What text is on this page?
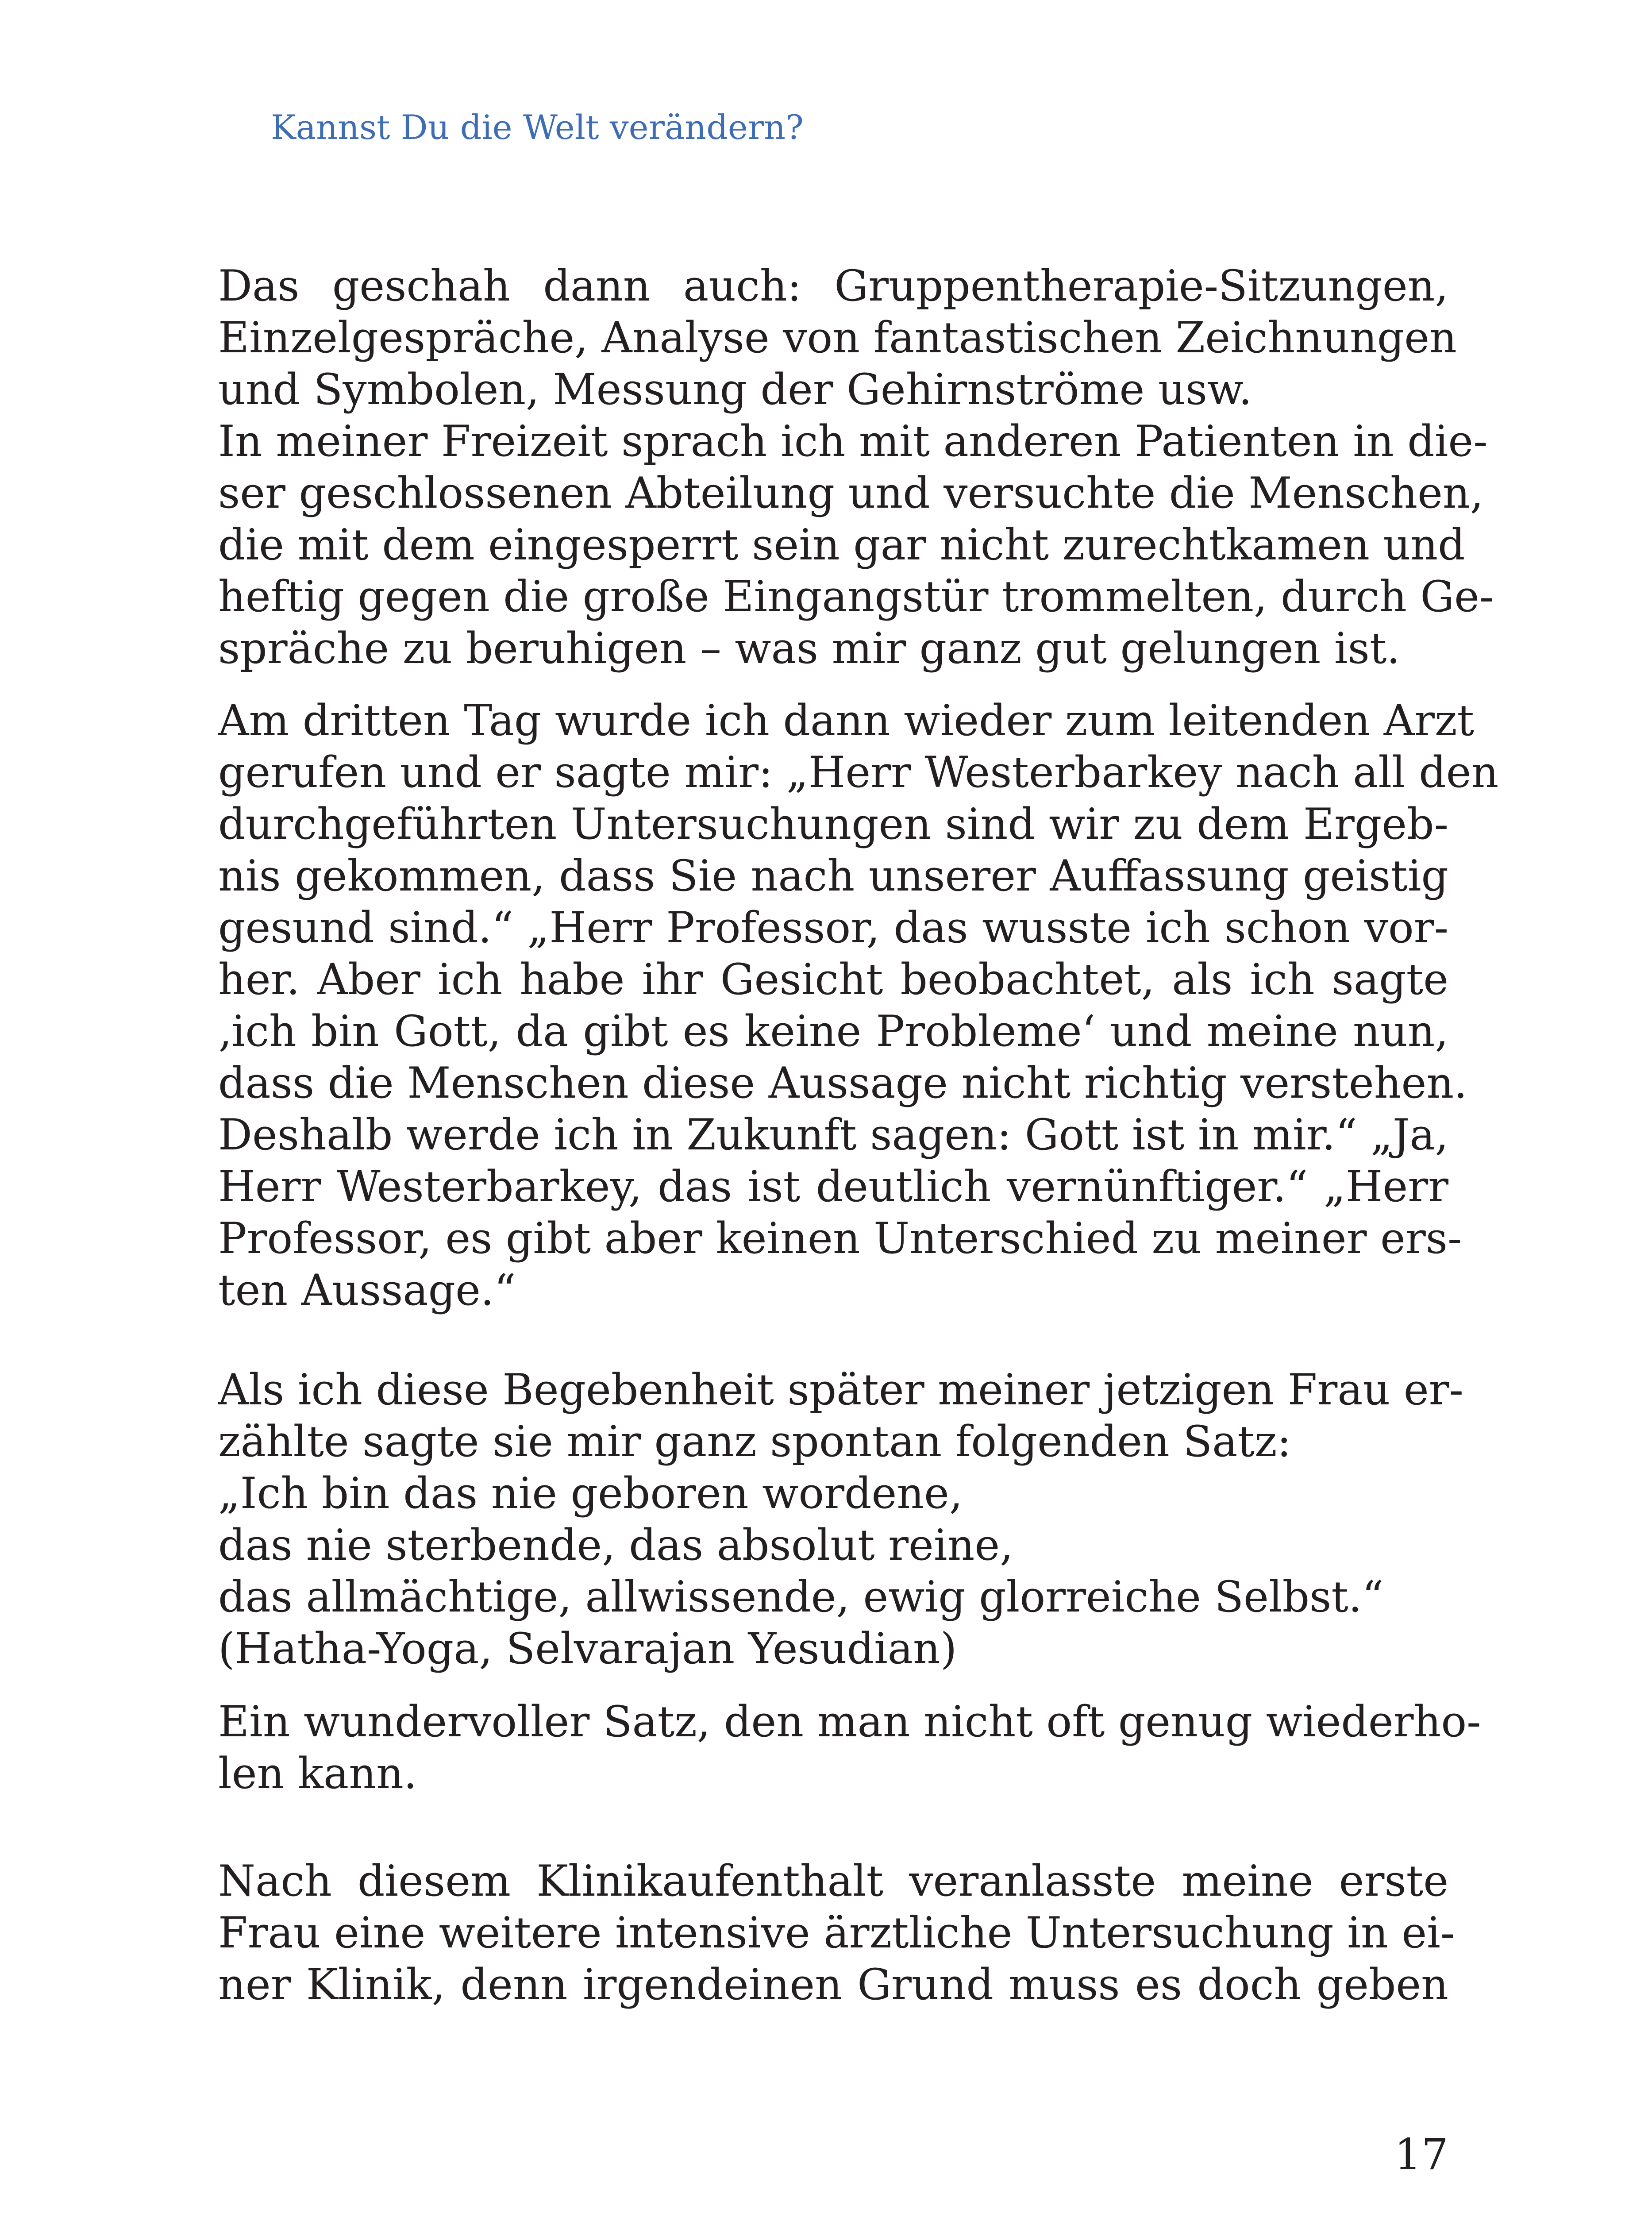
Kannst Du die Welt verändern?
Das geschah dann auch: Gruppentherapie-Sitzungen,
Einzelgespräche, Analyse von fantastischen Zeichnungen
und Symbolen, Messung der Gehirnströme usw.
In meiner Freizeit sprach ich mit anderen Patienten in die-
ser geschlossenen Abteilung und versuchte die Menschen,
die mit dem eingesperrt sein gar nicht zurechtkamen und
heftig gegen die große Eingangstür trommelten, durch Ge-
spräche zu beruhigen – was mir ganz gut gelungen ist.
Am dritten Tag wurde ich dann wieder zum leitenden Arzt
gerufen und er sagte mir: „Herr Westerbarkey nach all den
durchgeführten Untersuchungen sind wir zu dem Ergeb-
nis gekommen, dass Sie nach unserer Auffassung geistig
gesund sind.“ „Herr Professor, das wusste ich schon vor-
her. Aber ich habe ihr Gesicht beobachtet, als ich sagte
‚ich bin Gott, da gibt es keine Probleme‘ und meine nun,
dass die Menschen diese Aussage nicht richtig verstehen.
Deshalb werde ich in Zukunft sagen: Gott ist in mir.“ „Ja,
Herr Westerbarkey, das ist deutlich vernünftiger.“ „Herr
Professor, es gibt aber keinen Unterschied zu meiner ers-
ten Aussage.“
Als ich diese Begebenheit später meiner jetzigen Frau er-
zählte sagte sie mir ganz spontan folgenden Satz:
„Ich bin das nie geboren wordene,
das nie sterbende, das absolut reine,
das allmächtige, allwissende, ewig glorreiche Selbst.“
(Hatha-Yoga, Selvarajan Yesudian)
Ein wundervoller Satz, den man nicht oft genug wiederho-
len kann.
Nach diesem Klinikaufenthalt veranlasste meine erste
Frau eine weitere intensive ärztliche Untersuchung in ei-
ner Klinik, denn irgendeinen Grund muss es doch geben
17
